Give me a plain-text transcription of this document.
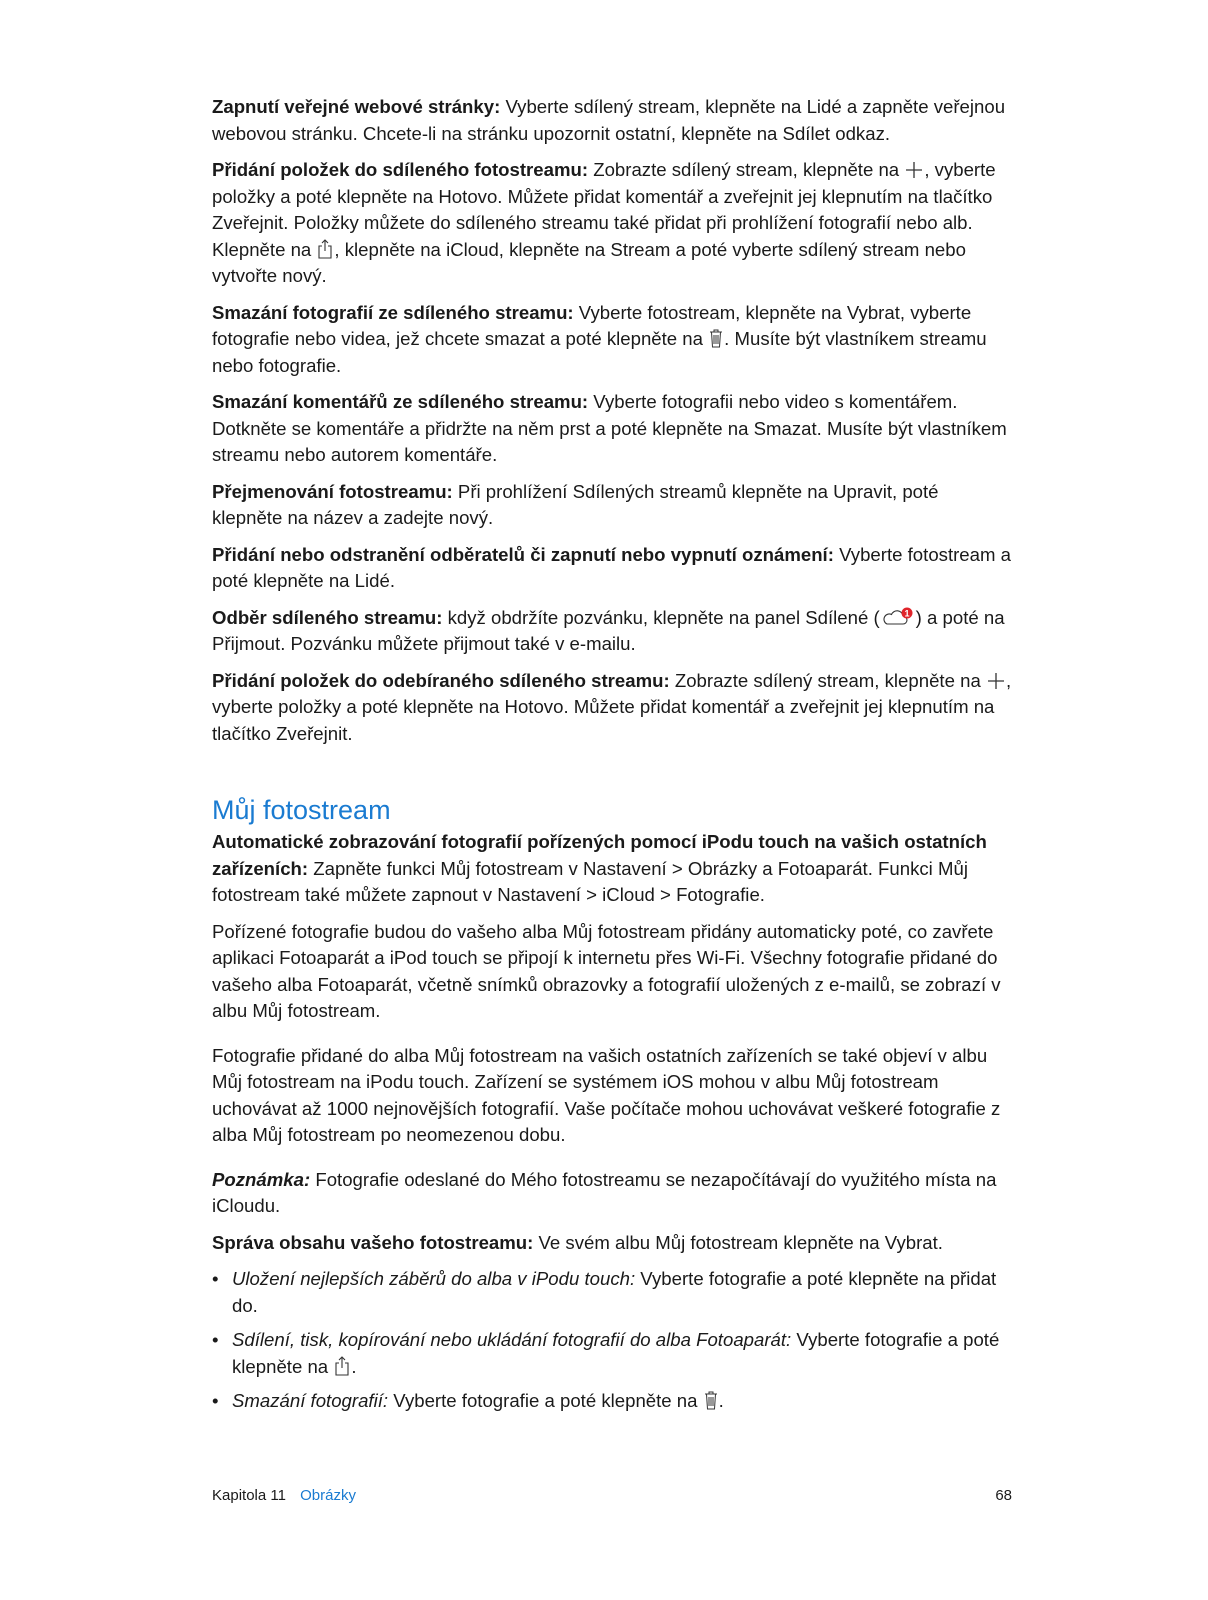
Zapnutí veřejné webové stránky: Vyberte sdílený stream, klepněte na Lidé a zapněte veřejnou webovou stránku. Chcete-li na stránku upozornit ostatní, klepněte na Sdílet odkaz.

Přidání položek do sdíleného fotostreamu: Zobrazte sdílený stream, klepněte na , vyberte položky a poté klepněte na Hotovo. Můžete přidat komentář a zveřejnit jej klepnutím na tlačítko Zveřejnit. Položky můžete do sdíleného streamu také přidat při prohlížení fotografií nebo alb. Klepněte na , klepněte na iCloud, klepněte na Stream a poté vyberte sdílený stream nebo vytvořte nový.

Smazání fotografií ze sdíleného streamu: Vyberte fotostream, klepněte na Vybrat, vyberte fotografie nebo videa, jež chcete smazat a poté klepněte na . Musíte být vlastníkem streamu nebo fotografie.

Smazání komentářů ze sdíleného streamu: Vyberte fotografii nebo video s komentářem. Dotkněte se komentáře a přidržte na něm prst a poté klepněte na Smazat. Musíte být vlastníkem streamu nebo autorem komentáře.

Přejmenování fotostreamu: Při prohlížení Sdílených streamů klepněte na Upravit, poté klepněte na název a zadejte nový.

Přidání nebo odstranění odběratelů či zapnutí nebo vypnutí oznámení: Vyberte fotostream a poté klepněte na Lidé.

Odběr sdíleného streamu: když obdržíte pozvánku, klepněte na panel Sdílené (	1 ) a poté na Přijmout. Pozvánku můžete přijmout také v e-mailu.

Přidání položek do odebíraného sdíleného streamu: Zobrazte sdílený stream, klepněte na , vyberte položky a poté klepněte na Hotovo. Můžete přidat komentář a zveřejnit jej klepnutím na tlačítko Zveřejnit.

Můj fotostream

Automatické zobrazování fotografií pořízených pomocí iPodu touch na vašich ostatních zařízeních: Zapněte funkci Můj fotostream v Nastavení > Obrázky a Fotoaparát. Funkci Můj fotostream také můžete zapnout v Nastavení > iCloud > Fotografie.

Pořízené fotografie budou do vašeho alba Můj fotostream přidány automaticky poté, co zavřete aplikaci Fotoaparát a iPod touch se připojí k internetu přes Wi-Fi. Všechny fotografie přidané do vašeho alba Fotoaparát, včetně snímků obrazovky a fotografií uložených z e-mailů, se zobrazí v albu Můj fotostream.

Fotografie přidané do alba Můj fotostream na vašich ostatních zařízeních se také objeví v albu Můj fotostream na iPodu touch. Zařízení se systémem iOS mohou v albu Můj fotostream uchovávat až 1000 nejnovějších fotografií. Vaše počítače mohou uchovávat veškeré fotografie z alba Můj fotostream po neomezenou dobu.

Poznámka: Fotografie odeslané do Mého fotostreamu se nezapočítávají do využitého místa na iCloudu.

Správa obsahu vašeho fotostreamu: Ve svém albu Můj fotostream klepněte na Vybrat.

• Uložení nejlepších záběrů do alba v iPodu touch: Vyberte fotografie a poté klepněte na přidat do.
• Sdílení, tisk, kopírování nebo ukládání fotografií do alba Fotoaparát: Vyberte fotografie a poté klepněte na .
• Smazání fotografií: Vyberte fotografie a poté klepněte na .
Kapitola 11 Obrázky	68
